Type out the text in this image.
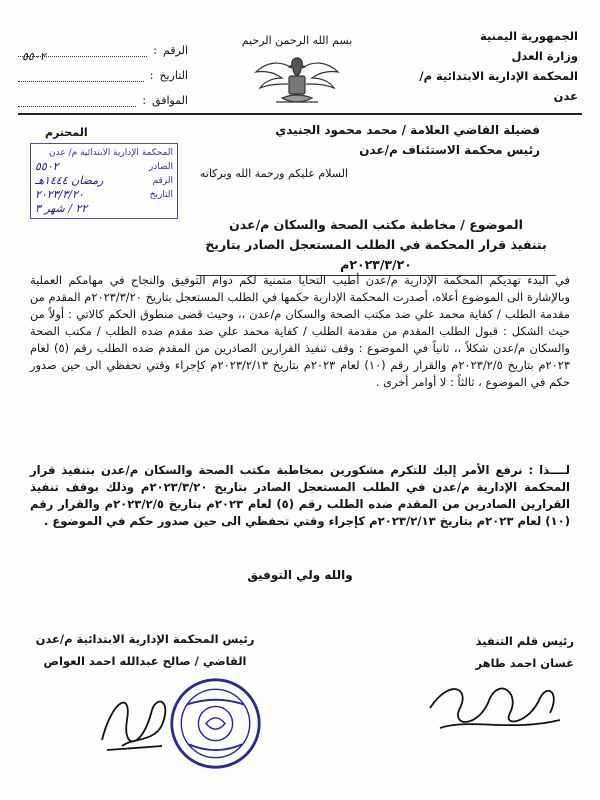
الجمهورية اليمنية
وزارة العدل
المحكمة الإدارية الابتدائية م/عدن
بسم الله الرحمن الرحيم
الرقم
:
٥٥٠٢
التاريخ
:
الموافق
:
فضيلة القاضي العلامة / محمد محمود الجنيدي
رئيس محكمة الاستئناف م/عدن
المحترم
المحكمة الإدارية الابتدائية م/ عدن
الصادر
٥٥٠٢
الرقم
رمضان ١٤٤٤هـ
التاريخ
٢٠٢٣/٣/٢٠
٢٢ / شهر ٣
السلام عليكم ورحمة الله وبركاته
الموضوع / مخاطبة مكتب الصحة والسكان م/عدن
بتنفيذ قرار المحكمة في الطلب المستعجل الصادر بتاريخ ٢٠٢٣/٣/٢٠م
في البدء تهديكم المحكمة الإدارية م/عدن أطيب التحايا متمنية لكم دوام التوفيق والنجاح في مهامكم العملية وبالإشارة الى الموضوع أعلاه، أصدرت المحكمة الإدارية حكمها في الطلب المستعجل بتاريخ ٢٠٢٣/٣/٢٠م المقدم من مقدمة الطلب / كفاية محمد علي ضد مكتب الصحة والسكان م/عدن ،، وحيث قضى منطوق الحكم كالاتي : أولاً من حيث الشكل : قبول الطلب المقدم من مقدمة الطلب / كفاية محمد علي ضد مقدم ضده الطلب / مكتب الصحة والسكان م/عدن شكلاً ،، ثانياً في الموضوع : وقف تنفيذ القرارين الصادرين من المقدم ضده الطلب رقم (٥) لعام ٢٠٢٣م بتاريخ ٢٠٢٣/٢/٥م والقرار رقم (١٠) لعام ٢٠٢٣م بتاريخ ٢٠٢٣/٢/١٣م كإجراء وقتي تحفظي الى حين صدور حكم في الموضوع ، ثالثاً : لا أوامر أخرى .
لــــذا : نرفع الأمر إليك للتكرم مشكورين بمخاطبة مكتب الصحة والسكان م/عدن بتنفيذ قرار المحكمة الإدارية م/عدن في الطلب المستعجل الصادر بتاريخ ٢٠٢٣/٣/٢٠م وذلك بوقف تنفيذ القرارين الصادرين من المقدم ضده الطلب رقم (٥) لعام ٢٠٢٣م بتاريخ ٢٠٢٣/٢/٥م والقرار رقم (١٠) لعام ٢٠٢٣م بتاريخ ٢٠٢٣/٢/١٣م كإجراء وقتي تحفظي الى حين صدور حكم في الموضوع .
والله ولي التوفيق
رئيس المحكمة الإدارية الابتدائية م/عدن
القاضي / صالح عبدالله احمد العواص
رئيس قلم التنفيذ
غسان احمد طاهر
